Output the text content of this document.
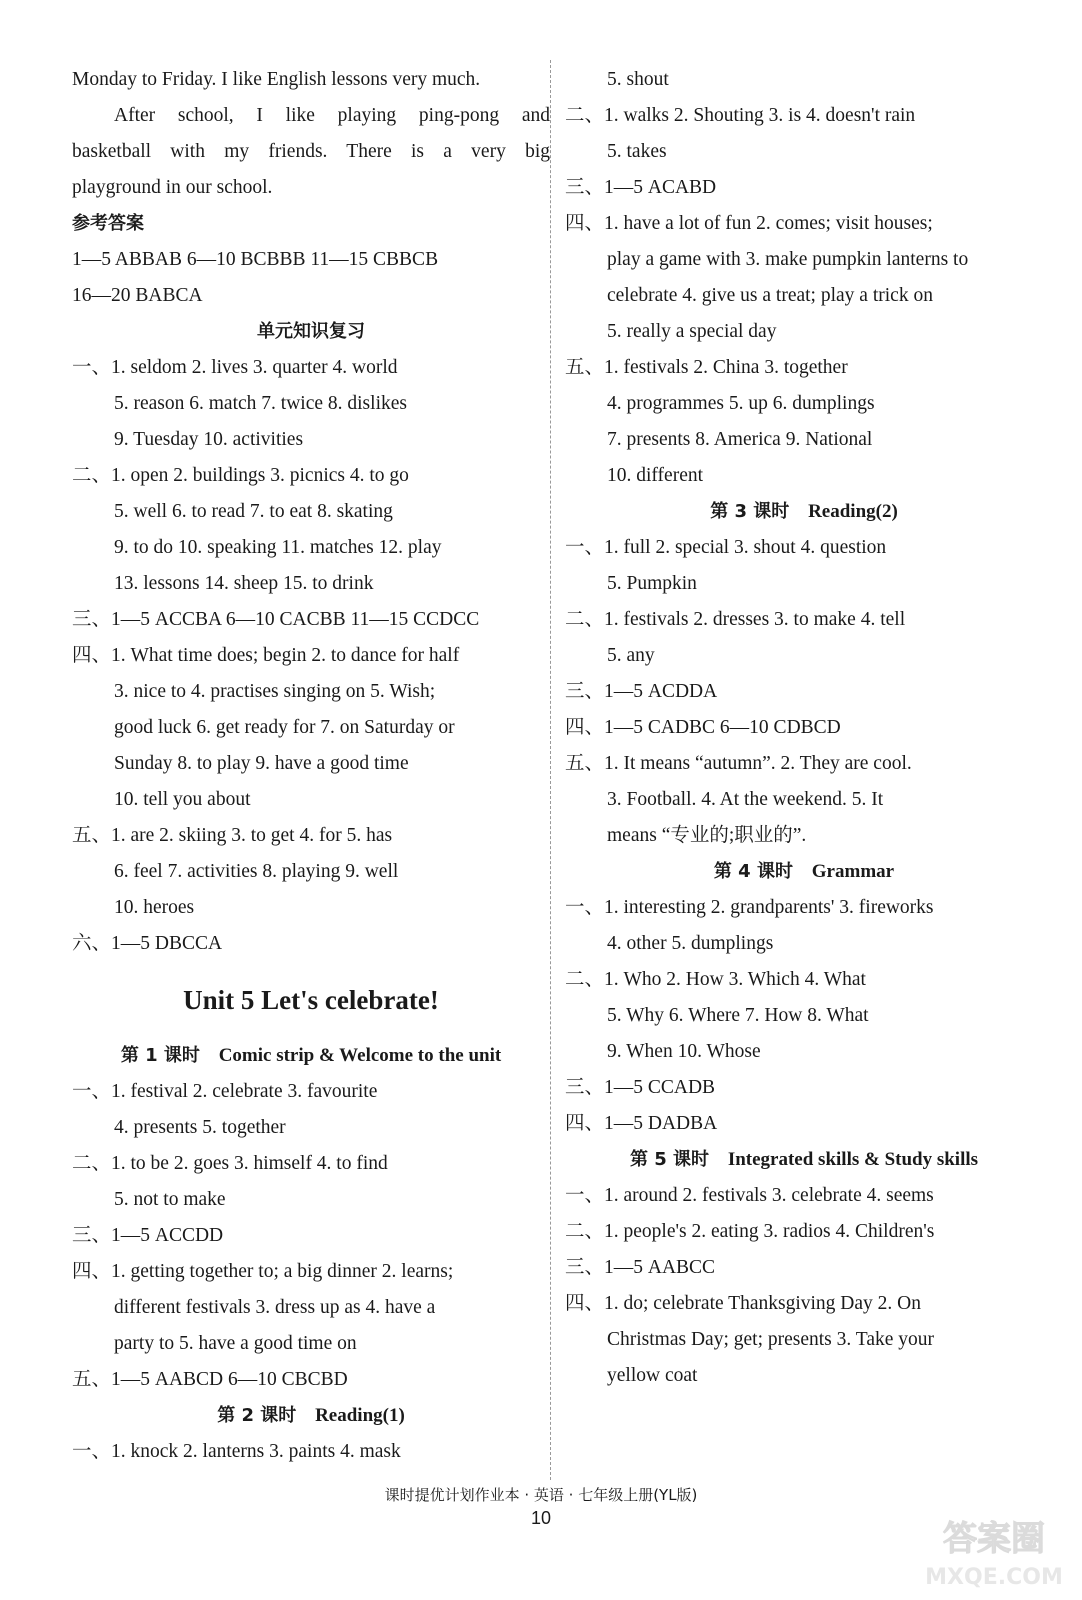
Monday to Friday. I like English lessons very much.
After school, I like playing ping-pong and
basketball with my friends. There is a very big
playground in our school.
参考答案
1—5 ABBAB 6—10 BCBBB 11—15 CBBCB
16—20 BABCA
单元知识复习
一、1. seldom 2. lives 3. quarter 4. world
5. reason 6. match 7. twice 8. dislikes
9. Tuesday 10. activities
二、1. open 2. buildings 3. picnics 4. to go
5. well 6. to read 7. to eat 8. skating
9. to do 10. speaking 11. matches 12. play
13. lessons 14. sheep 15. to drink
三、1—5 ACCBA 6—10 CACBB 11—15 CCDCC
四、1. What time does; begin 2. to dance for half
3. nice to 4. practises singing on 5. Wish;
good luck 6. get ready for 7. on Saturday or
Sunday 8. to play 9. have a good time
10. tell you about
五、1. are 2. skiing 3. to get 4. for 5. has
6. feel 7. activities 8. playing 9. well
10. heroes
六、1—5 DBCCA
Unit 5 Let's celebrate!
第 1 课时 Comic strip & Welcome to the unit
一、1. festival 2. celebrate 3. favourite
4. presents 5. together
二、1. to be 2. goes 3. himself 4. to find
5. not to make
三、1—5 ACCDD
四、1. getting together to; a big dinner 2. learns;
different festivals 3. dress up as 4. have a
party to 5. have a good time on
五、1—5 AABCD 6—10 CBCBD
第 2 课时 Reading(1)
一、1. knock 2. lanterns 3. paints 4. mask
5. shout
二、1. walks 2. Shouting 3. is 4. doesn't rain
5. takes
三、1—5 ACABD
四、1. have a lot of fun 2. comes; visit houses;
play a game with 3. make pumpkin lanterns to
celebrate 4. give us a treat; play a trick on
5. really a special day
五、1. festivals 2. China 3. together
4. programmes 5. up 6. dumplings
7. presents 8. America 9. National
10. different
第 3 课时 Reading(2)
一、1. full 2. special 3. shout 4. question
5. Pumpkin
二、1. festivals 2. dresses 3. to make 4. tell
5. any
三、1—5 ACDDA
四、1—5 CADBC 6—10 CDBCD
五、1. It means “autumn”. 2. They are cool.
3. Football. 4. At the weekend. 5. It
means “专业的;职业的”.
第 4 课时 Grammar
一、1. interesting 2. grandparents' 3. fireworks
4. other 5. dumplings
二、1. Who 2. How 3. Which 4. What
5. Why 6. Where 7. How 8. What
9. When 10. Whose
三、1—5 CCADB
四、1—5 DADBA
第 5 课时 Integrated skills & Study skills
一、1. around 2. festivals 3. celebrate 4. seems
二、1. people's 2. eating 3. radios 4. Children's
三、1—5 AABCC
四、1. do; celebrate Thanksgiving Day 2. On
Christmas Day; get; presents 3. Take your
yellow coat
课时提优计划作业本 · 英语 · 七年级上册(YL版)
10
答案圈
MXQE.COM
